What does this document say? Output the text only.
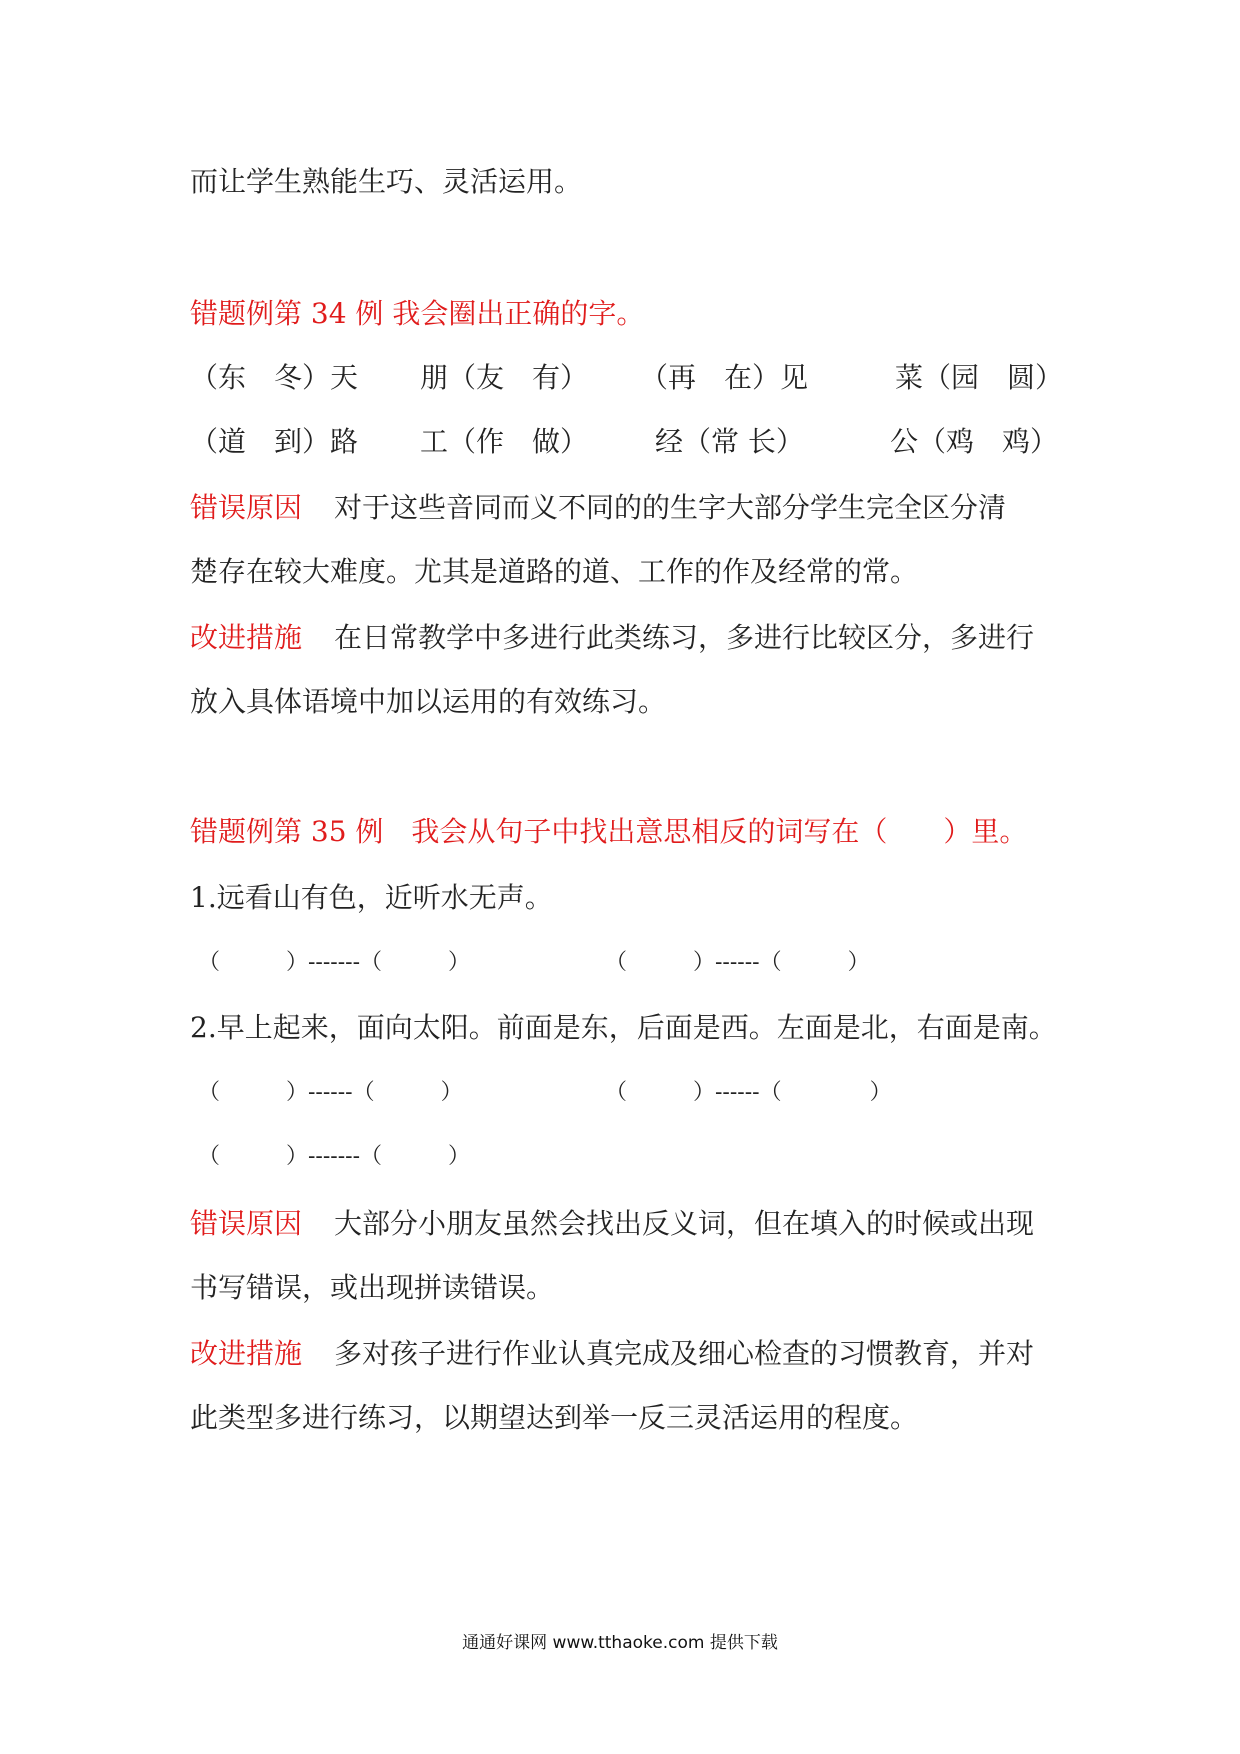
而让学生熟能生巧、灵活运用。
错题例第 34 例 我会圈出正确的字。
（东　冬）天 朋（友　有） （再　在）见	菜（园　圆）
（道　到）路 工（作　做） 经（常 长）	公（鸡　鸡）
错误原因 对于这些音同而义不同的的生字大部分学生完全区分清
楚存在较大难度。尤其是道路的道、工作的作及经常的常。
改进措施 在日常教学中多进行此类练习，多进行比较区分，多进行
放入具体语境中加以运用的有效练习。
错题例第 35 例　我会从句子中找出意思相反的词写在（　　）里。
1.远看山有色，近听水无声。
（　　　）-------（　　　）	（　　　）------（　　　）
2.早上起来，面向太阳。前面是东，后面是西。左面是北，右面是南。
（　　　）------（　　　）	（　　　）------（　　　　）
（　　　）-------（　　　）
错误原因 大部分小朋友虽然会找出反义词，但在填入的时候或出现
书写错误，或出现拼读错误。
改进措施 多对孩子进行作业认真完成及细心检查的习惯教育，并对
此类型多进行练习，以期望达到举一反三灵活运用的程度。
通通好课网 www.tthaoke.com 提供下载
